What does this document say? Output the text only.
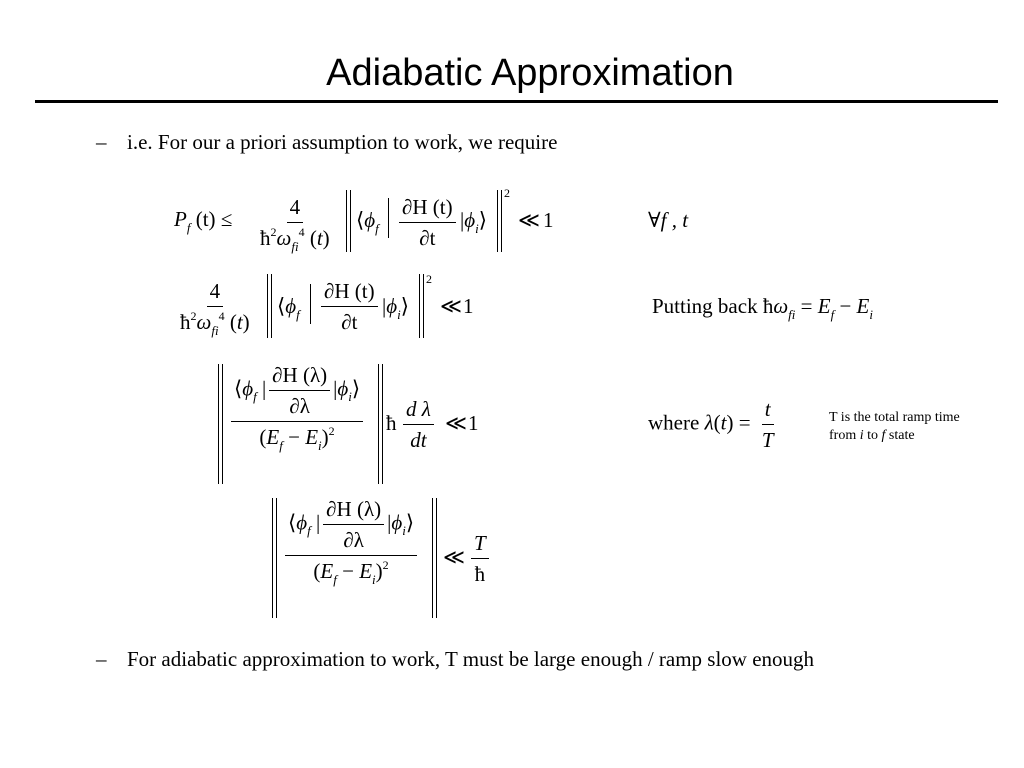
Adiabatic Approximation
– i.e. For our a priori assumption to work, we require
$P_f$ $(t) \le \frac{4}{ħ^2\omega_{fi}^4 (t)}$ $⟨\phi_f \frac{\partial H (t)}{\partial t}$ $|\phi_i⟩$
2
≪ 1	∀f , t
$\frac{4}{ħ^2\omega_{fi}^4 (t)}$ $⟨\phi_f \frac{\partial H (t)}{\partial t}$ $|\phi_i⟩$
2
≪ 1	Putting back $ħ\omega_{fi} = E_f - E_i$
$\frac{⟨\phi_f | \frac{\partial H (\lambda)}{\partial\lambda} |\phi_i⟩}{(E_f - E_i)^2}$ ħ $\frac{\text{d λ}}{dt}$ ≪ 1	where $\lambda(t) = \frac{t}{T}$	T is the total ramp time
from i to f state
$\frac{⟨\phi_f | \frac{\partial H (\lambda)}{\partial\lambda} |\phi_i⟩}{(E_f - E_i)^2}$ ≪ $\frac{T}{ħ}$
– For adiabatic approximation to work, T must be large enough / ramp slow enough
